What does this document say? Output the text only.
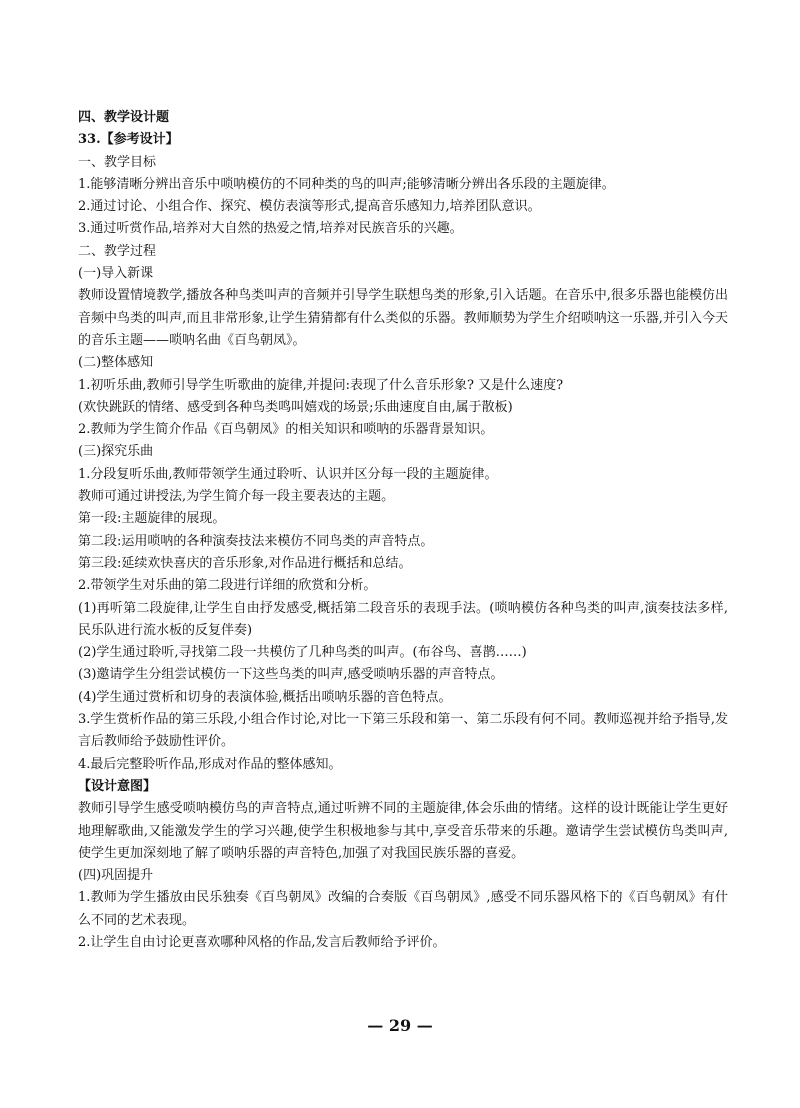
四、教学设计题
33.【参考设计】
一、教学目标
1.能够清晰分辨出音乐中唢呐模仿的不同种类的鸟的叫声;能够清晰分辨出各乐段的主题旋律。
2.通过讨论、小组合作、探究、模仿表演等形式,提高音乐感知力,培养团队意识。
3.通过听赏作品,培养对大自然的热爱之情,培养对民族音乐的兴趣。
二、教学过程
(一)导入新课
教师设置情境教学,播放各种鸟类叫声的音频并引导学生联想鸟类的形象,引入话题。在音乐中,很多乐器也能模仿出音频中鸟类的叫声,而且非常形象,让学生猜猜都有什么类似的乐器。教师顺势为学生介绍唢呐这一乐器,并引入今天的音乐主题——唢呐名曲《百鸟朝凤》。
(二)整体感知
1.初听乐曲,教师引导学生听歌曲的旋律,并提问:表现了什么音乐形象? 又是什么速度?
(欢快跳跃的情绪、感受到各种鸟类鸣叫嬉戏的场景;乐曲速度自由,属于散板)
2.教师为学生简介作品《百鸟朝凤》的相关知识和唢呐的乐器背景知识。
(三)探究乐曲
1.分段复听乐曲,教师带领学生通过聆听、认识并区分每一段的主题旋律。
教师可通过讲授法,为学生简介每一段主要表达的主题。
第一段:主题旋律的展现。
第二段:运用唢呐的各种演奏技法来模仿不同鸟类的声音特点。
第三段:延续欢快喜庆的音乐形象,对作品进行概括和总结。
2.带领学生对乐曲的第二段进行详细的欣赏和分析。
(1)再听第二段旋律,让学生自由抒发感受,概括第二段音乐的表现手法。(唢呐模仿各种鸟类的叫声,演奏技法多样,民乐队进行流水板的反复伴奏)
(2)学生通过聆听,寻找第二段一共模仿了几种鸟类的叫声。(布谷鸟、喜鹊……)
(3)邀请学生分组尝试模仿一下这些鸟类的叫声,感受唢呐乐器的声音特点。
(4)学生通过赏析和切身的表演体验,概括出唢呐乐器的音色特点。
3.学生赏析作品的第三乐段,小组合作讨论,对比一下第三乐段和第一、第二乐段有何不同。教师巡视并给予指导,发言后教师给予鼓励性评价。
4.最后完整聆听作品,形成对作品的整体感知。
【设计意图】
教师引导学生感受唢呐模仿鸟的声音特点,通过听辨不同的主题旋律,体会乐曲的情绪。这样的设计既能让学生更好地理解歌曲,又能激发学生的学习兴趣,使学生积极地参与其中,享受音乐带来的乐趣。邀请学生尝试模仿鸟类叫声,使学生更加深刻地了解了唢呐乐器的声音特色,加强了对我国民族乐器的喜爱。
(四)巩固提升
1.教师为学生播放由民乐独奏《百鸟朝凤》改编的合奏版《百鸟朝凤》,感受不同乐器风格下的《百鸟朝凤》有什么不同的艺术表现。
2.让学生自由讨论更喜欢哪种风格的作品,发言后教师给予评价。
— 29 —
